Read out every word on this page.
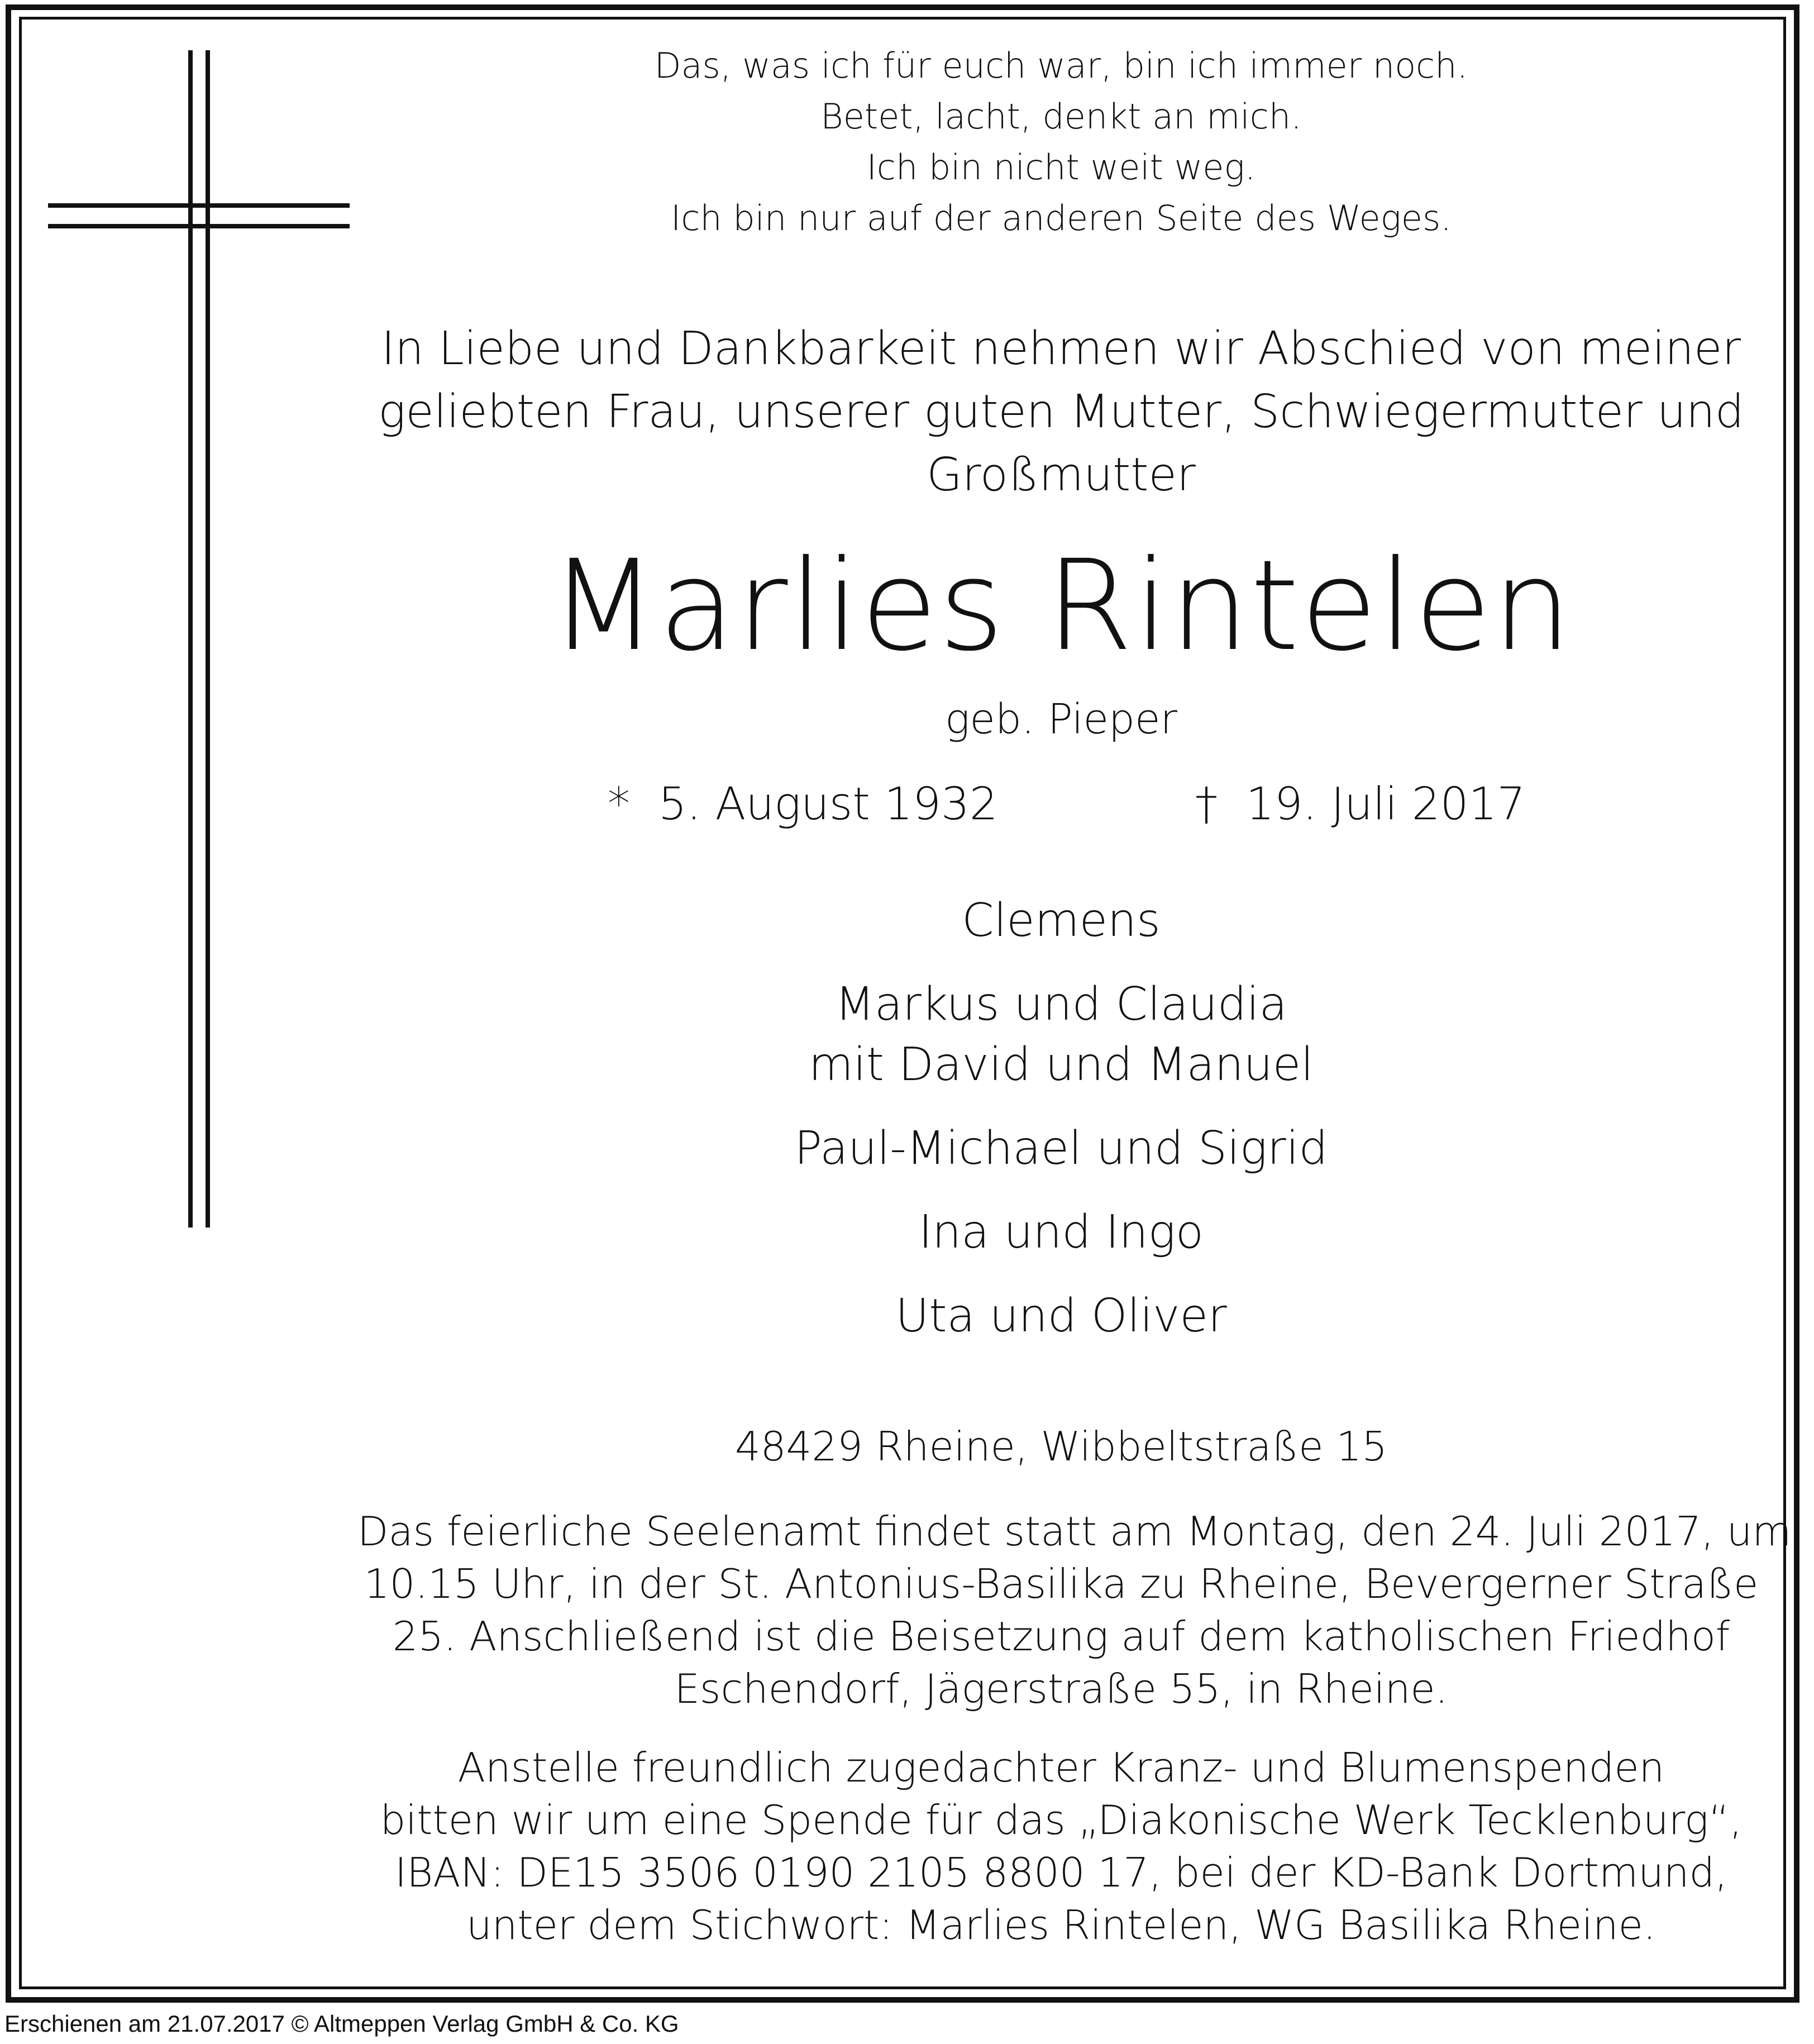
Das, was ich für euch war, bin ich immer noch.
Betet, lacht, denkt an mich.
Ich bin nicht weit weg.
Ich bin nur auf der anderen Seite des Weges.
In Liebe und Dankbarkeit nehmen wir Abschied von meiner
geliebten Frau, unserer guten Mutter, Schwiegermutter und
Großmutter
Marlies Rintelen
geb. Pieper
* 5. August 1932	† 19. Juli 2017
Clemens
Markus und Claudia
mit David und Manuel
Paul-Michael und Sigrid
Ina und Ingo
Uta und Oliver
48429 Rheine, Wibbeltstraße 15
Das feierliche Seelenamt findet statt am Montag, den 24. Juli 2017, um
10.15 Uhr, in der St. Antonius-Basilika zu Rheine, Bevergerner Straße
25. Anschließend ist die Beisetzung auf dem katholischen Friedhof
Eschendorf, Jägerstraße 55, in Rheine.
Anstelle freundlich zugedachter Kranz- und Blumenspenden
bitten wir um eine Spende für das „Diakonische Werk Tecklenburg“,
IBAN: DE15 3506 0190 2105 8800 17, bei der KD-Bank Dortmund,
unter dem Stichwort: Marlies Rintelen, WG Basilika Rheine.
Erschienen am 21.07.2017 © Altmeppen Verlag GmbH & Co. KG
